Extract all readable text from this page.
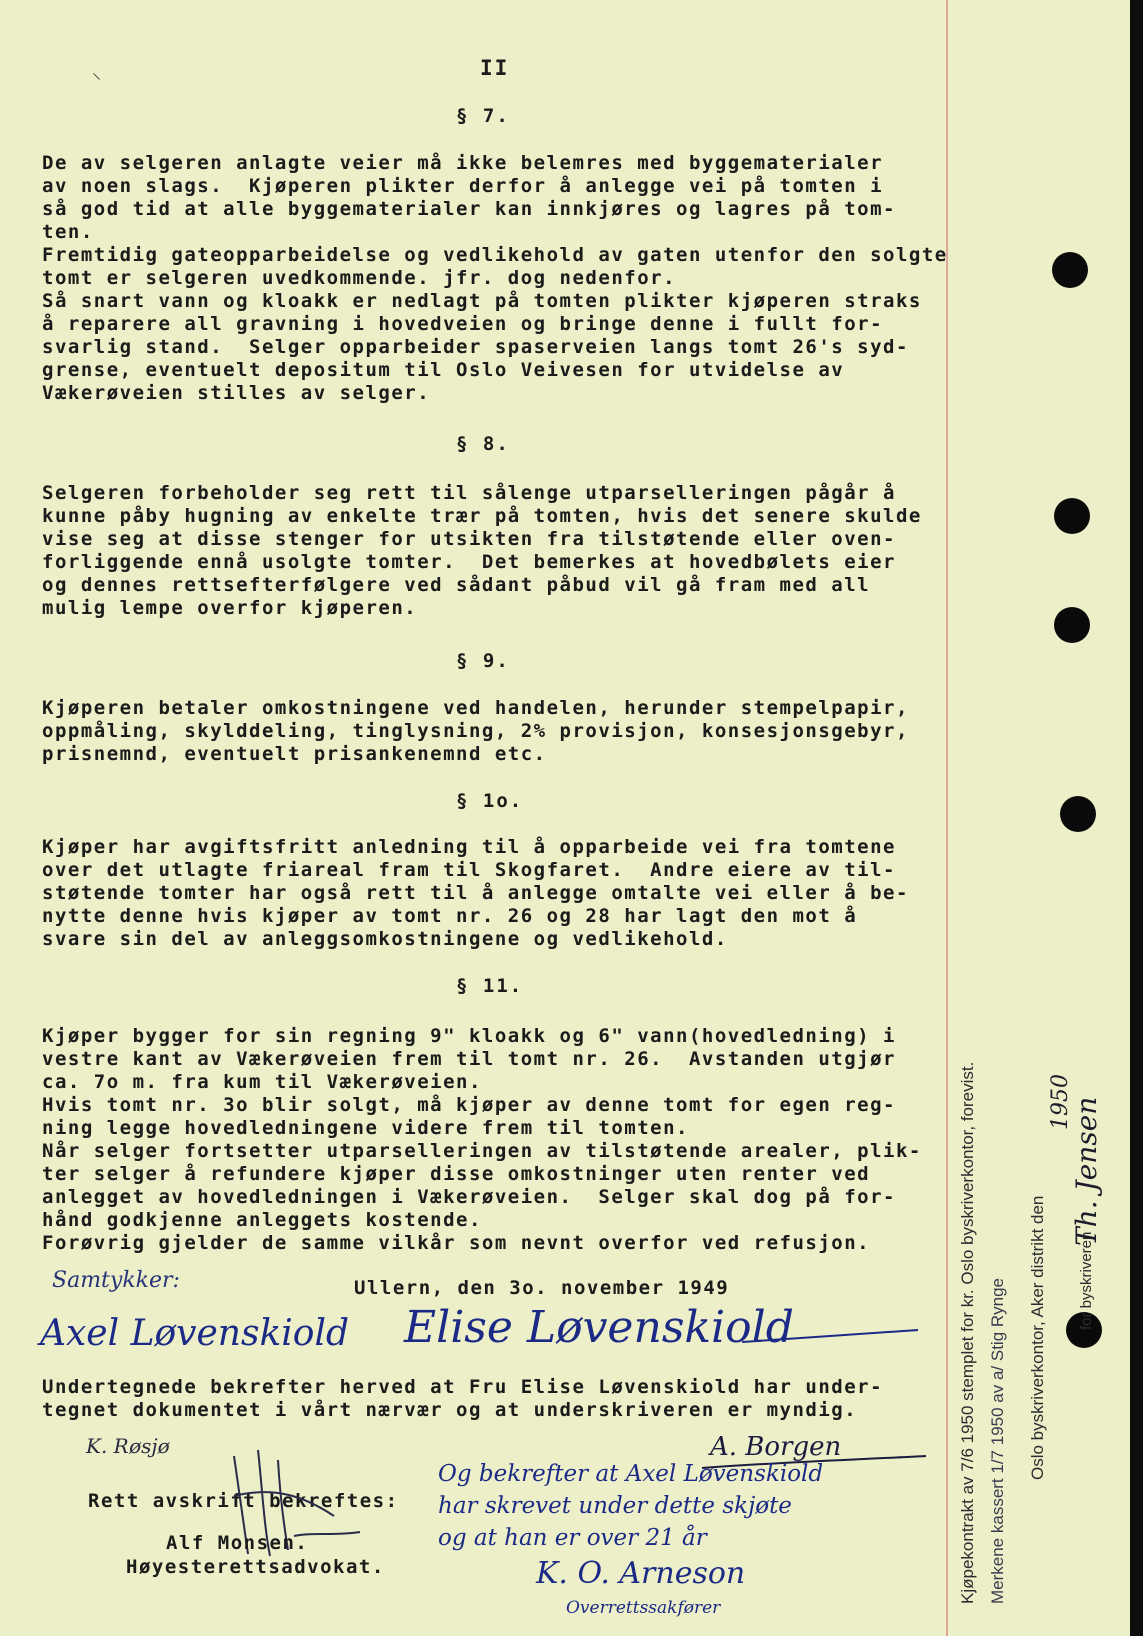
⸌
II
§ 7.
De av selgeren anlagte veier må ikke belemres med byggematerialer
av noen slags.  Kjøperen plikter derfor å anlegge vei på tomten i
så god tid at alle byggematerialer kan innkjøres og lagres på tom-
ten.
Fremtidig gateopparbeidelse og vedlikehold av gaten utenfor den solgte
tomt er selgeren uvedkommende. jfr. dog nedenfor.
Så snart vann og kloakk er nedlagt på tomten plikter kjøperen straks
å reparere all gravning i hovedveien og bringe denne i fullt for-
svarlig stand.  Selger opparbeider spaserveien langs tomt 26's syd-
grense, eventuelt depositum til Oslo Veivesen for utvidelse av
Vækerøveien stilles av selger.
§ 8.
Selgeren forbeholder seg rett til sålenge utparselleringen pågår å
kunne påby hugning av enkelte trær på tomten, hvis det senere skulde
vise seg at disse stenger for utsikten fra tilstøtende eller oven-
forliggende ennå usolgte tomter.  Det bemerkes at hovedbølets eier
og dennes rettsefterfølgere ved sådant påbud vil gå fram med all
mulig lempe overfor kjøperen.
§ 9.
Kjøperen betaler omkostningene ved handelen, herunder stempelpapir,
oppmåling, skylddeling, tinglysning, 2% provisjon, konsesjonsgebyr,
prisnemnd, eventuelt prisankenemnd etc.
§ 1o.
Kjøper har avgiftsfritt anledning til å opparbeide vei fra tomtene
over det utlagte friareal fram til Skogfaret.  Andre eiere av til-
støtende tomter har også rett til å anlegge omtalte vei eller å be-
nytte denne hvis kjøper av tomt nr. 26 og 28 har lagt den mot å
svare sin del av anleggsomkostningene og vedlikehold.
§ 11.
Kjøper bygger for sin regning 9" kloakk og 6" vann(hovedledning) i
vestre kant av Vækerøveien frem til tomt nr. 26.  Avstanden utgjør
ca. 7o m. fra kum til Vækerøveien.
Hvis tomt nr. 3o blir solgt, må kjøper av denne tomt for egen reg-
ning legge hovedledningene videre frem til tomten.
Når selger fortsetter utparselleringen av tilstøtende arealer, plik-
ter selger å refundere kjøper disse omkostninger uten renter ved
anlegget av hovedledningen i Vækerøveien.  Selger skal dog på for-
hånd godkjenne anleggets kostende.
Forøvrig gjelder de samme vilkår som nevnt overfor ved refusjon.
Samtykker:	Ullern, den 3o. november 1949
Axel Løvenskiold Elise Løvenskiold
Undertegnede bekrefter herved at Fru Elise Løvenskiold har under-
tegnet dokumentet i vårt nærvær og at underskriveren er myndig.
K. Røsjø	A. Borgen
Rett avskrift bekreftes:
Og bekrefter at Axel Løvenskiold
har skrevet under dette skjøte
og at han er over 21 år
Alf Monsen.
Høyesterettsadvokat.	K. O. Arneson
Overrettssakfører
Kjøpekontrakt av 7/6 1950 stemplet for kr. Oslo byskriverkontor, forevist. Merkene kassert 1/7 1950 av a/ Stig Rynge Oslo byskriverkontor, Aker distrikt den for byskriveren
1950
Th. Jensen
